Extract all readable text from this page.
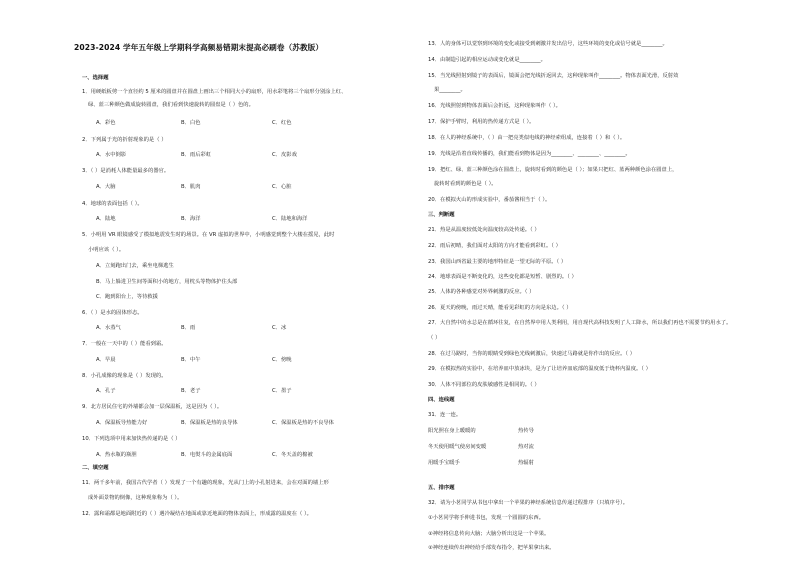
2023-2024 学年五年级上学期科学高频易错期末提高必刷卷（苏教版）
一、选择题
1．用硬纸板剪一个直径约 5 厘米的圆盘并在圆盘上画出三个相同大小的扇形，用水彩笔将三个扇形分别涂上红、
绿、蓝三种颜色做成旋转圆盘，我们看到快速旋转的圆盘是（ ）色的。
A．彩色	B．白色	C．红色
2．下列属于光的折射现象的是（ ）
A．水中倒影	B．雨后彩虹	C．皮影戏
3．（ ）是消耗人体能量最多的器官。
A．大脑	B．肌肉	C．心脏
4．地球的表面包括（ ）。
A．陆地	B．海洋	C．陆地和海洋
5．小明用 VR 眼镜感受了模拟地震发生时的场景。在 VR 虚拟的世界中，小明感觉到整个大楼在摇晃，此时
小明应该（ ）。
A．立刻跑出门去，乘坐电梯逃生
B．马上躲进卫生间等面积小的地方，用枕头等物体护住头部
C．跑到阳台上，等待救援
6．（ ）是水的固体形态。
A．水蒸气	B．雨	C．冰
7．一般在一天中的（ ）能看到霜。
A．早晨	B．中午	C．傍晚
8．小孔成像的现象是（ ）发现的。
A．孔子	B．老子	C．墨子
9．北方居民住宅的外墙都会加一层保温板，这是因为（ ）。
A．保温板导热能力好	B．保温板是热的良导体	C．保温板是热的不良导体
10．下列选项中用来加快热传递的是（ ）
A．热水瓶的瓶胆	B．电熨斗的金属底面	C．冬天盖的棉被
二、填空题
11．两千多年前，我国古代学者（ ）发现了一个有趣的现象，光从门上的小孔射进来，会在对面的墙上形
成外面景物的倒像，这种现象称为（ ）。
12．露和霜都是地面附近的（ ）遇冷凝结在地面或靠近地面的物体表面上，形成露的温度在（ ）。
13．人的身体可以觉察到环境的变化或接受到刺激并发出信号，这些环境的变化或信号就是________。
14．由制造引起的相应运动或变化就是________。
15．当光线照射到镜子的表面后，镜面会把光线折返回去，这种现象叫作________。物体表面光滑，反射效
果________。
16．光线照射到物体表面后会折返，这种现象叫作（ ）。
17．保护手臂时，利用的热传递方式是（ ）。
18．在人的神经系统中，（ ）由一把亮类似电线的神经索组成，连接着（ ）和（ ）。
19．光线是沿着直线传播的，我们能看到物体是因为________、________、________。
19．把红、绿、蓝三种颜色涂在圆盘上，旋转时看到的颜色是（ ）；如果只把红、蓝两种颜色涂在圆盘上，
旋转时看到的颜色是（ ）。
20．在模拟火山的形成实验中，番茄酱相当于（ ）。
三、判断题
21．热是从温度较低处向温度较高处传递。（ ）
22．雨后初晴，我们面对太阳的方向才能看到彩虹。（ ）
23．我国山西省最主要的地形特征是一望无际的平原。（ ）
24．地球表面是不断变化的，这些变化都是短暂、剧烈的。（ ）
25．人体的各种感觉对外界刺激的反应。（ ）
26．夏天的傍晚，雨过天晴，能看见彩虹的方向是东边。（ ）
27．大自然中的水总是在循环往复，在自然界中用人类利用，用自现代高科技发明了人工降水，所以我们再也不需要节约用水了。
（ ）
28．在过马路时，当你的眼睛受到绿色光线刺激后，快速过马路就是你作出的反应。（ ）
29．在模拟热的实验中，在培养皿中放冰块，是为了让培养皿底部的温度低于烧杯内温度。（ ）
30．人体不同部位的皮肤敏感性是相同的。（ ）
四、连线题
31．连一连。
阳光照在身上暖暖的	热传导
冬天使用暖气使房间变暖	热对流
用暖手宝暖手	热辐射
五、排序题
32．请为小茗同学从书包中拿出一个苹果的神经系统信息传递过程排序（只填序号）。
①小茗同学将手伸进书包，发现一个圆圆的东西。
②神经将信息传向大脑；大脑分析出这是一个苹果。
②神经连续传出神经给手部发布指令，把苹果拿出来。
